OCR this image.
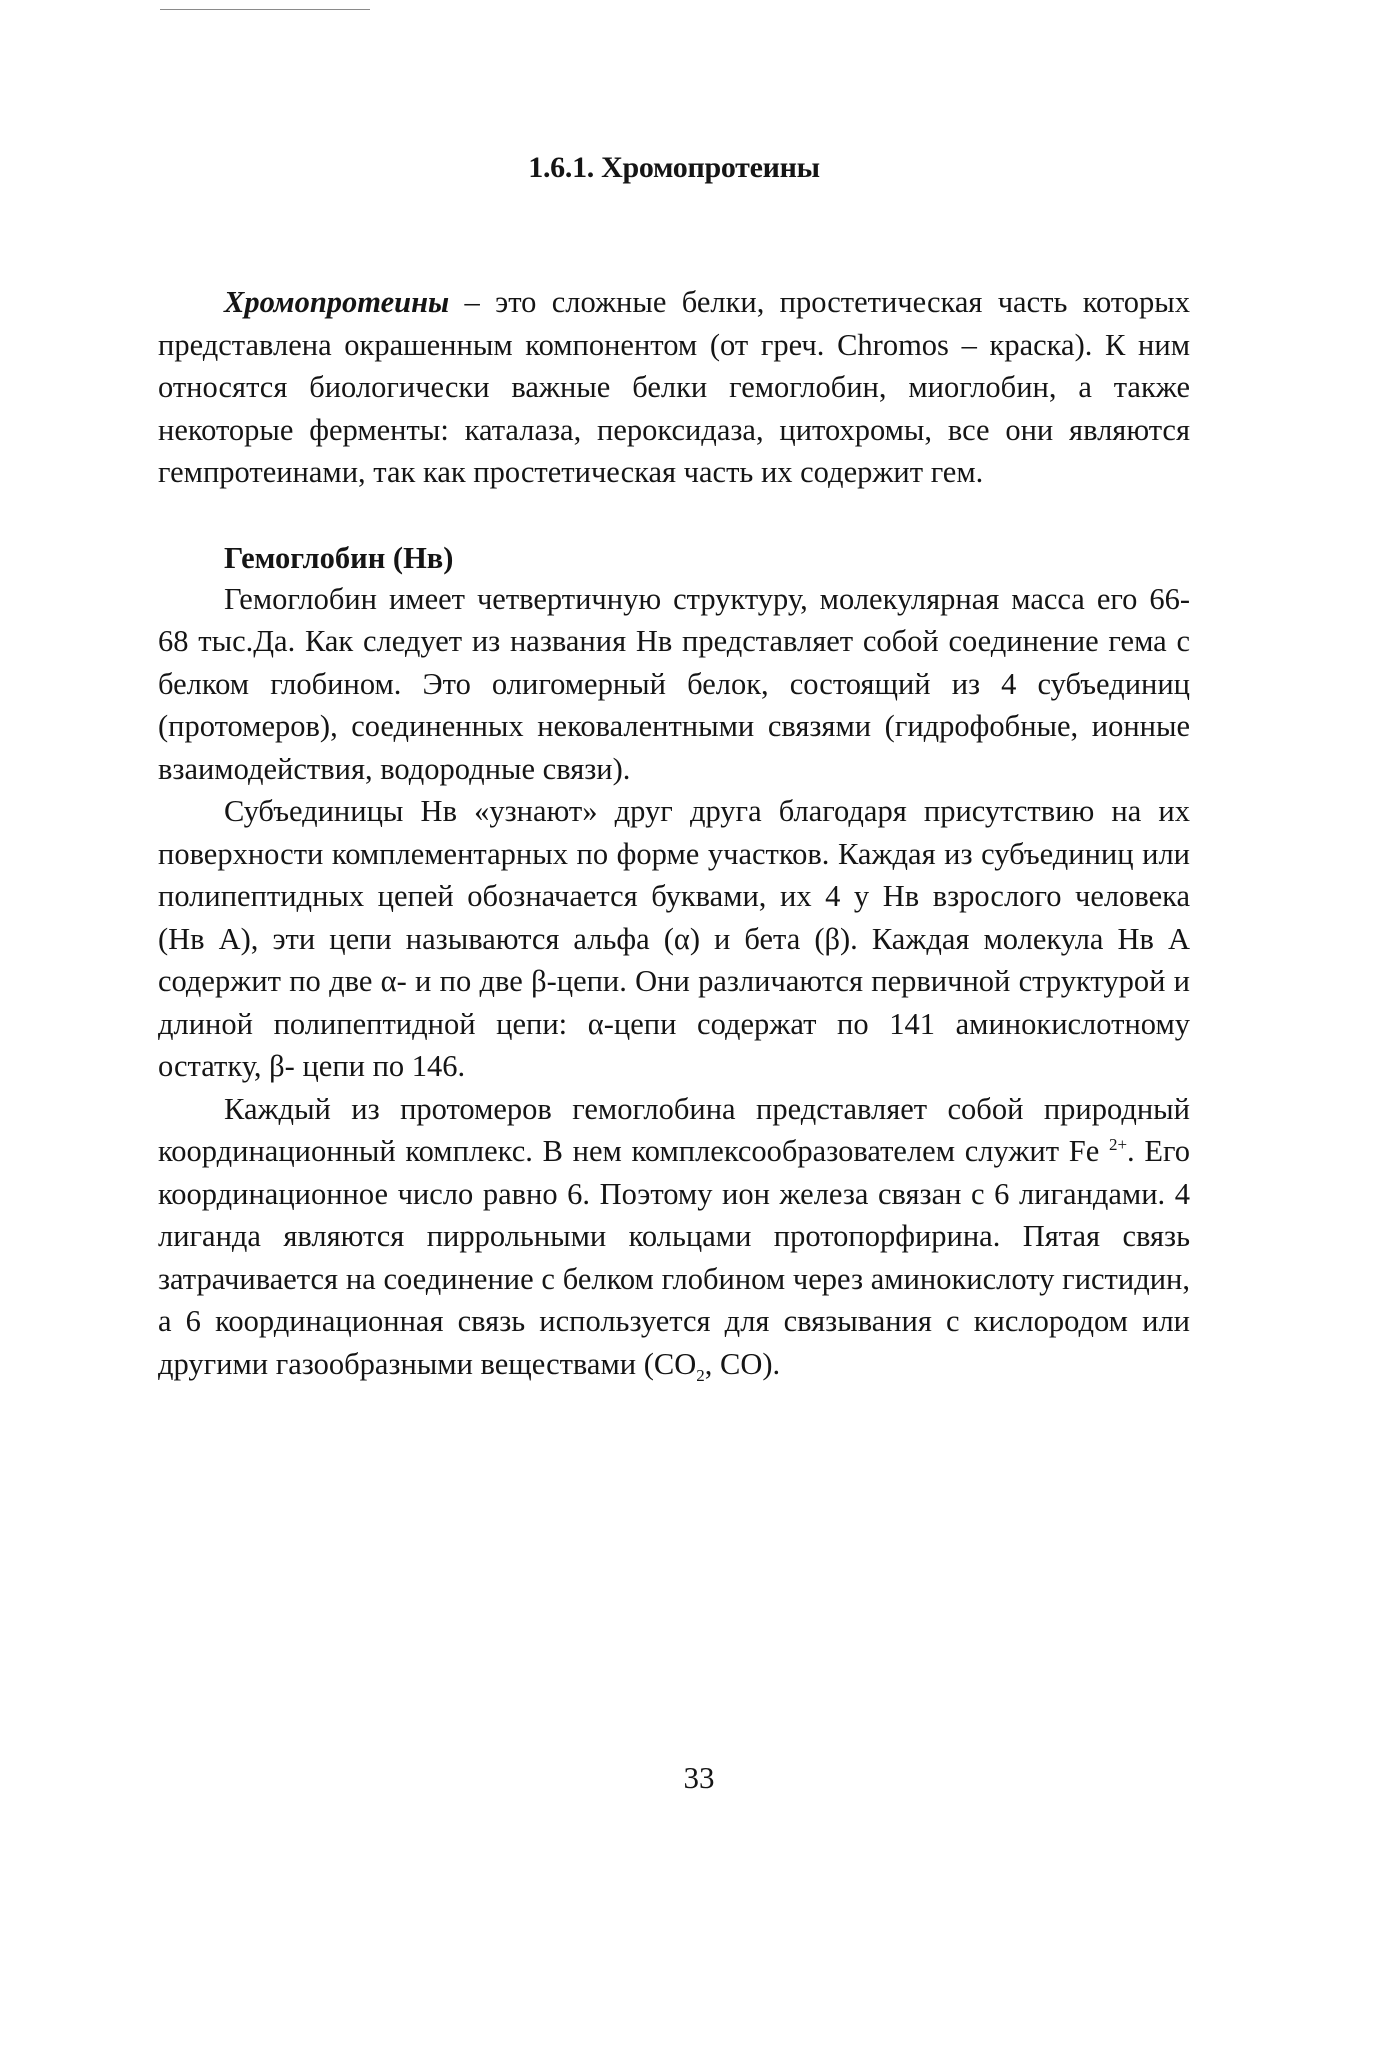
1.6.1. Хромопротеины

Хромопротеины – это сложные белки, простетическая часть которых представлена окрашенным компонентом (от греч. Chromos – краска). К ним относятся биологически важные белки гемоглобин, миоглобин, а также некоторые ферменты: каталаза, пероксидаза, цитохромы, все они являются гемпротеинами, так как простетическая часть их содержит гем.

Гемоглобин (Нв)

Гемоглобин имеет четвертичную структуру, молекулярная масса его 66-68 тыс.Да. Как следует из названия Нв представляет собой соединение гема с белком глобином. Это олигомерный белок, состоящий из 4 субъединиц (протомеров), соединенных нековалентными связями (гидрофобные, ионные взаимодействия, водородные связи).

Субъединицы Нв «узнают» друг друга благодаря присутствию на их поверхности комплементарных по форме участков. Каждая из субъединиц или полипептидных цепей обозначается буквами, их 4 у Нв взрослого человека (Нв А), эти цепи называются альфа (α) и бета (β). Каждая молекула Нв А содержит по две α- и по две β-цепи. Они различаются первичной структурой и длиной полипептидной цепи: α-цепи содержат по 141 аминокислотному остатку, β- цепи по 146.

Каждый из протомеров гемоглобина представляет собой природный координационный комплекс. В нем комплексообразователем служит Fe $^{2+}$. Его координационное число равно 6. Поэтому ион железа связан с 6 лигандами. 4 лиганда являются пиррольными кольцами протопорфирина. Пятая связь затрачивается на соединение с белком глобином через аминокислоту гистидин, а 6 координационная связь используется для связывания с кислородом или другими газообразными веществами ($CO_2$, CO).

33
